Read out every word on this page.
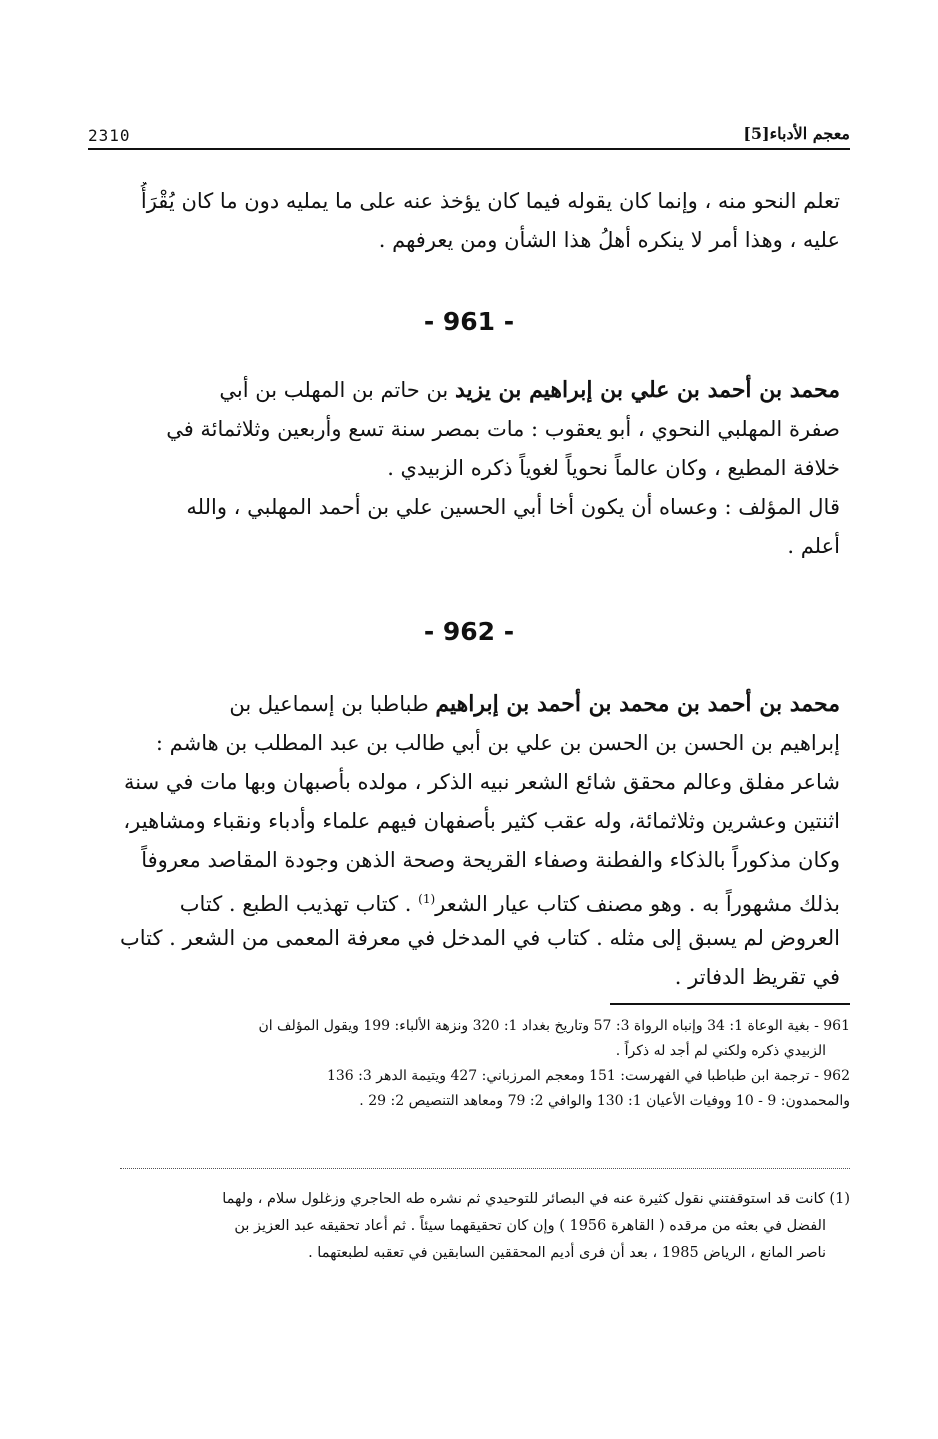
2310	معجم الأدباء[5]
تعلم النحو منه ، وإنما كان يقوله فيما كان يؤخذ عنه على ما يمليه دون ما كان يُقْرَأُ
عليه ، وهذا أمر لا ينكره أهلُ هذا الشأن ومن يعرفهم .
- 961 -
محمد بن أحمد بن علي بن إبراهيم بن يزيد بن حاتم بن المهلب بن أبي
صفرة المهلبي النحوي ، أبو يعقوب : مات بمصر سنة تسع وأربعين وثلاثمائة في
خلافة المطيع ، وكان عالماً نحوياً لغوياً ذكره الزبيدي .
قال المؤلف : وعساه أن يكون أخا أبي الحسين علي بن أحمد المهلبي ، والله
أعلم .
- 962 -
محمد بن أحمد بن محمد بن أحمد بن إبراهيم طباطبا بن إسماعيل بن
إبراهيم بن الحسن بن الحسن بن علي بن أبي طالب بن عبد المطلب بن هاشم :
شاعر مفلق وعالم محقق شائع الشعر نبيه الذكر ، مولده بأصبهان وبها مات في سنة
اثنتين وعشرين وثلاثمائة، وله عقب كثير بأصفهان فيهم علماء وأدباء ونقباء ومشاهير،
وكان مذكوراً بالذكاء والفطنة وصفاء القريحة وصحة الذهن وجودة المقاصد معروفاً
بذلك مشهوراً به . وهو مصنف كتاب عيار الشعر$^{(1)}$ . كتاب تهذيب الطبع . كتاب
العروض لم يسبق إلى مثله . كتاب في المدخل في معرفة المعمى من الشعر . كتاب
في تقريظ الدفاتر .
961 - بغية الوعاة 1: 34 وإنباه الرواة 3: 57 وتاريخ بغداد 1: 320 ونزهة الألباء: 199 ويقول المؤلف ان
الزبيدي ذكره ولكني لم أجد له ذكراً .
962 - ترجمة ابن طباطبا في الفهرست: 151 ومعجم المرزباني: 427 ويتيمة الدهر 3: 136
والمحمدون: 9 - 10 ووفيات الأعيان 1: 130 والوافي 2: 79 ومعاهد التنصيص 2: 29 .
(1) كانت قد استوقفتني نقول كثيرة عنه في البصائر للتوحيدي ثم نشره طه الحاجري وزغلول سلام ، ولهما
الفضل في بعثه من مرقده ( القاهرة 1956 ) وإن كان تحقيقهما سيئاً . ثم أعاد تحقيقه عبد العزيز بن
ناصر المانع ، الرياض 1985 ، بعد أن فرى أديم المحققين السابقين في تعقبه لطبعتهما .
